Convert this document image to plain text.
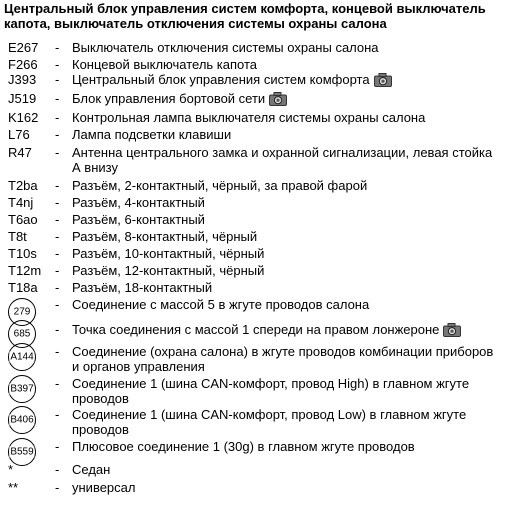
Центральный блок управления систем комфорта, концевой выключатель капота, выключатель отключения системы охраны салона
E267 - Выключатель отключения системы охраны салона
F266 - Концевой выключатель капота
J393 - Центральный блок управления систем комфорта
J519 - Блок управления бортовой сети
K162 - Контрольная лампа выключателя системы охраны салона
L76 - Лампа подсветки клавиши
R47 - Антенна центрального замка и охранной сигнализации, левая стойка А внизу
T2ba - Разъём, 2-контактный, чёрный, за правой фарой
T4nj - Разъём, 4-контактный
T6ao - Разъём, 6-контактный
T8t - Разъём, 8-контактный, чёрный
T10s - Разъём, 10-контактный, чёрный
T12m - Разъём, 12-контактный, чёрный
T18a - Разъём, 18-контактный
279 - Соединение с массой 5 в жгуте проводов салона
685 - Точка соединения с массой 1 спереди на правом лонжероне
A144 - Соединение (охрана салона) в жгуте проводов комбинации приборов и органов управления
B397 - Соединение 1 (шина CAN-комфорт, провод High) в главном жгуте проводов
B406 - Соединение 1 (шина CAN-комфорт, провод Low) в главном жгуте проводов
B559 - Плюсовое соединение 1 (30g) в главном жгуте проводов
*	- Седан
**	- универсал
